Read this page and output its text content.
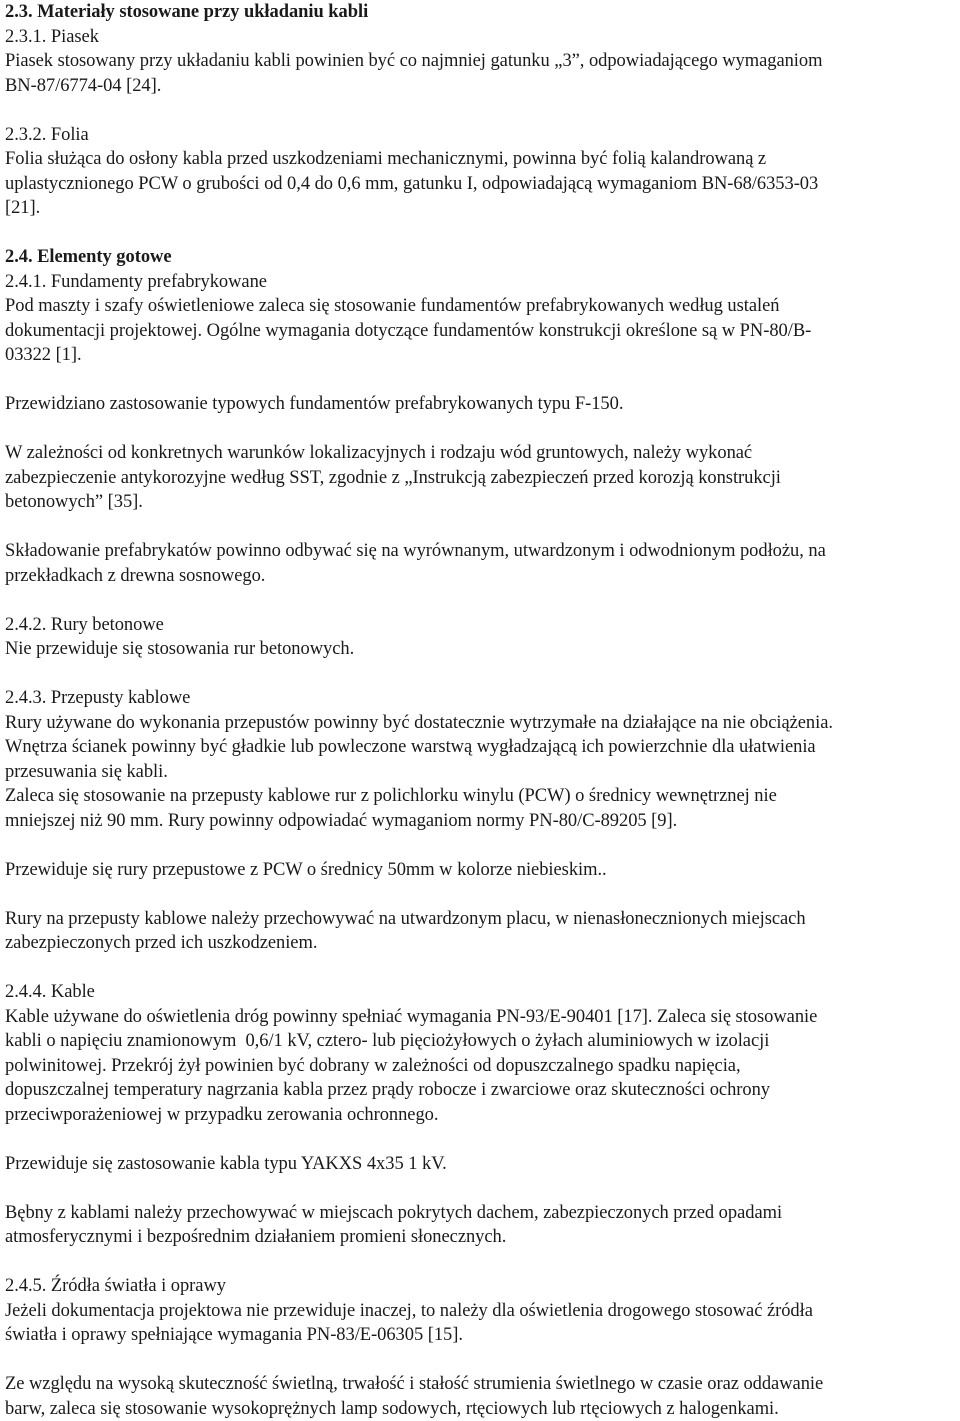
2.3. Materiały stosowane przy układaniu kabli
2.3.1. Piasek
Piasek stosowany przy układaniu kabli powinien być co najmniej gatunku „3”, odpowiadającego wymaganiom
BN-87/6774-04 [24].
2.3.2. Folia
Folia służąca do osłony kabla przed uszkodzeniami mechanicznymi, powinna być folią kalandrowaną z
uplastycznionego PCW o grubości od 0,4 do 0,6 mm, gatunku I, odpowiadającą wymaganiom BN-68/6353-03
[21].
2.4. Elementy gotowe
2.4.1. Fundamenty prefabrykowane
Pod maszty i szafy oświetleniowe zaleca się stosowanie fundamentów prefabrykowanych według ustaleń
dokumentacji projektowej. Ogólne wymagania dotyczące fundamentów konstrukcji określone są w PN-80/B-
03322 [1].
Przewidziano zastosowanie typowych fundamentów prefabrykowanych typu F-150.
W zależności od konkretnych warunków lokalizacyjnych i rodzaju wód gruntowych, należy wykonać
zabezpieczenie antykorozyjne według SST, zgodnie z „Instrukcją zabezpieczeń przed korozją konstrukcji
betonowych” [35].
Składowanie prefabrykatów powinno odbywać się na wyrównanym, utwardzonym i odwodnionym podłożu, na
przekładkach z drewna sosnowego.
2.4.2. Rury betonowe
Nie przewiduje się stosowania rur betonowych.
2.4.3. Przepusty kablowe
Rury używane do wykonania przepustów powinny być dostatecznie wytrzymałe na działające na nie obciążenia.
Wnętrza ścianek powinny być gładkie lub powleczone warstwą wygładzającą ich powierzchnie dla ułatwienia
przesuwania się kabli.
Zaleca się stosowanie na przepusty kablowe rur z polichlorku winylu (PCW) o średnicy wewnętrznej nie
mniejszej niż 90 mm. Rury powinny odpowiadać wymaganiom normy PN-80/C-89205 [9].
Przewiduje się rury przepustowe z PCW o średnicy 50mm w kolorze niebieskim..
Rury na przepusty kablowe należy przechowywać na utwardzonym placu, w nienasłonecznionych miejscach
zabezpieczonych przed ich uszkodzeniem.
2.4.4. Kable
Kable używane do oświetlenia dróg powinny spełniać wymagania PN-93/E-90401 [17]. Zaleca się stosowanie
kabli o napięciu znamionowym  0,6/1 kV, cztero- lub pięciożyłowych o żyłach aluminiowych w izolacji
polwinitowej. Przekrój żył powinien być dobrany w zależności od dopuszczalnego spadku napięcia,
dopuszczalnej temperatury nagrzania kabla przez prądy robocze i zwarciowe oraz skuteczności ochrony
przeciwporażeniowej w przypadku zerowania ochronnego.
Przewiduje się zastosowanie kabla typu YAKXS 4x35 1 kV.
Bębny z kablami należy przechowywać w miejscach pokrytych dachem, zabezpieczonych przed opadami
atmosferycznymi i bezpośrednim działaniem promieni słonecznych.
2.4.5. Źródła światła i oprawy
Jeżeli dokumentacja projektowa nie przewiduje inaczej, to należy dla oświetlenia drogowego stosować źródła
światła i oprawy spełniające wymagania PN-83/E-06305 [15].
Ze względu na wysoką skuteczność świetlną, trwałość i stałość strumienia świetlnego w czasie oraz oddawanie
barw, zaleca się stosowanie wysokoprężnych lamp sodowych, rtęciowych lub rtęciowych z halogenkami.
